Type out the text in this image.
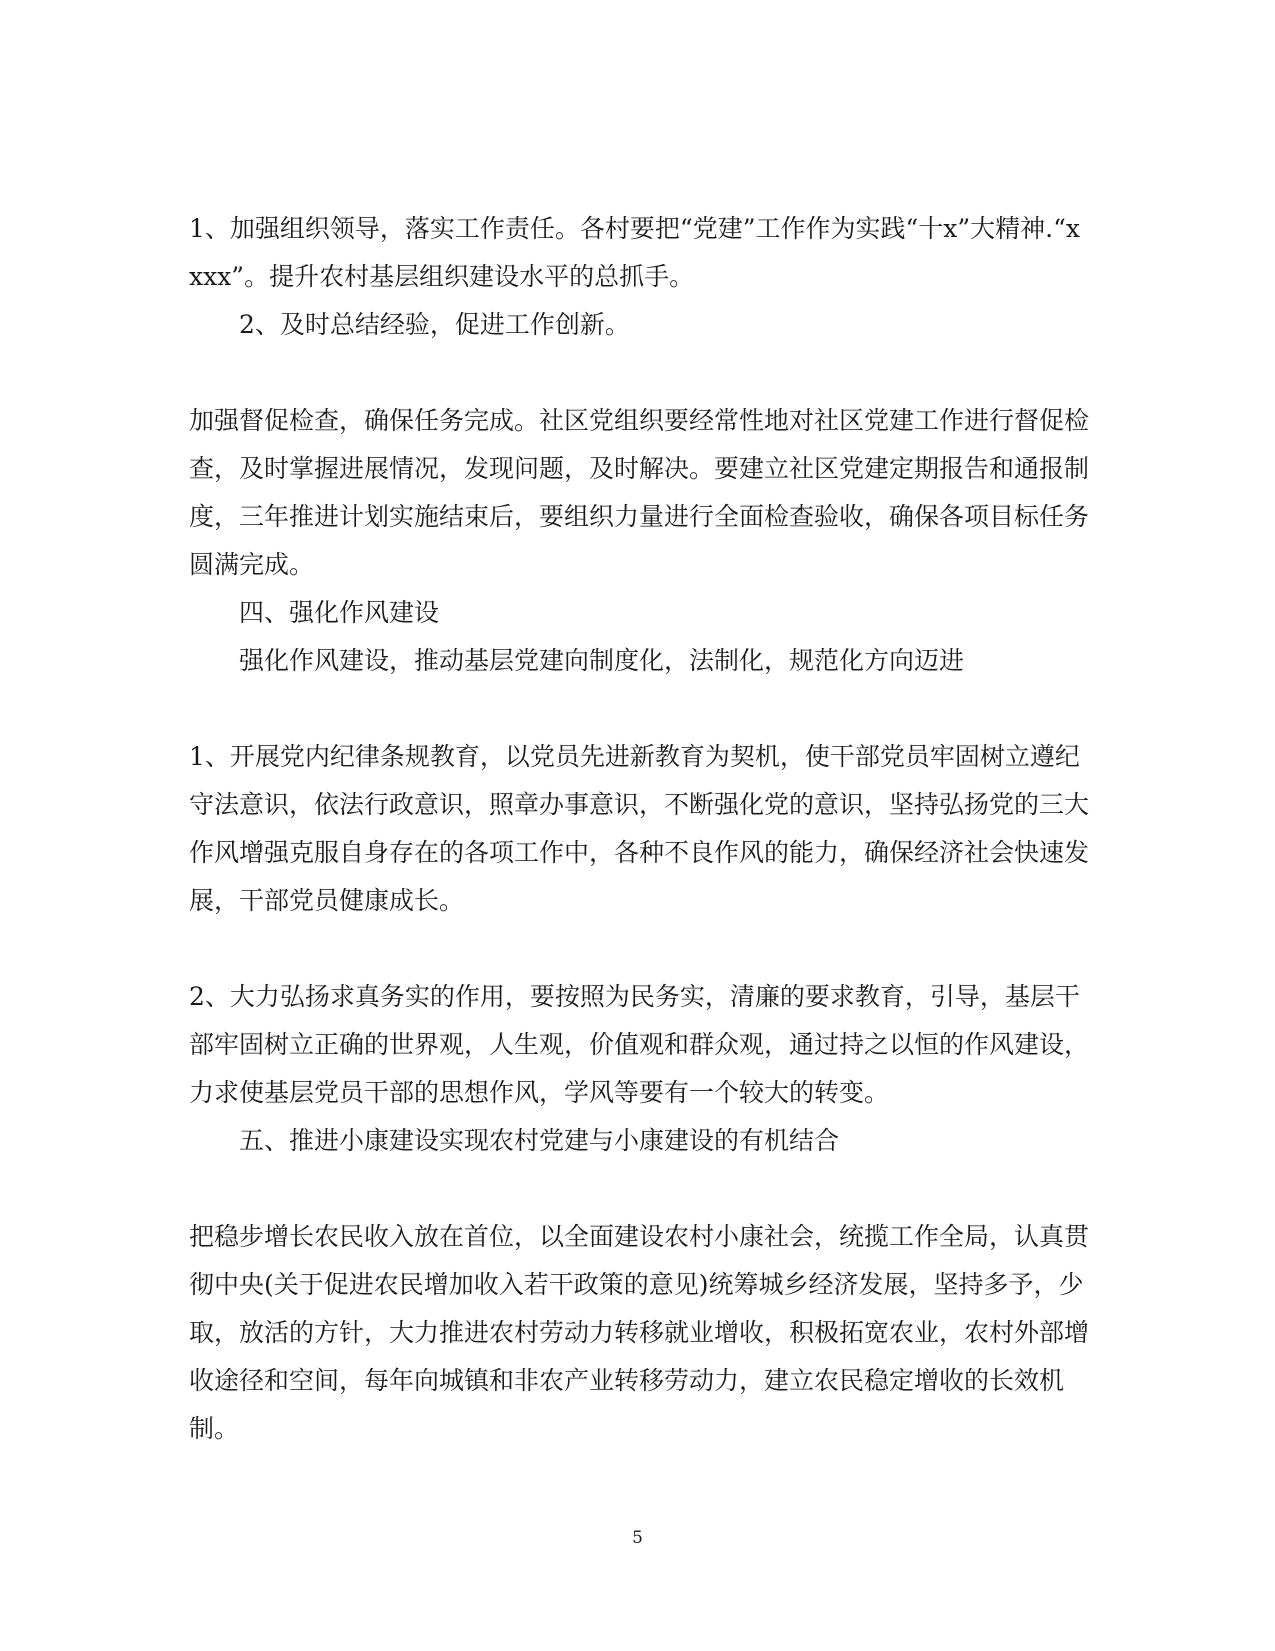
1、加强组织领导，落实工作责任。各村要把“党建”工作作为实践“十x”大精神.“xxxx”。提升农村基层组织建设水平的总抓手。

2、及时总结经验，促进工作创新。

加强督促检查，确保任务完成。社区党组织要经常性地对社区党建工作进行督促检查，及时掌握进展情况，发现问题，及时解决。要建立社区党建定期报告和通报制度，三年推进计划实施结束后，要组织力量进行全面检查验收，确保各项目标任务圆满完成。

四、强化作风建设

强化作风建设，推动基层党建向制度化，法制化，规范化方向迈进

1、开展党内纪律条规教育，以党员先进新教育为契机，使干部党员牢固树立遵纪守法意识，依法行政意识，照章办事意识，不断强化党的意识，坚持弘扬党的三大作风增强克服自身存在的各项工作中，各种不良作风的能力，确保经济社会快速发展，干部党员健康成长。

2、大力弘扬求真务实的作用，要按照为民务实，清廉的要求教育，引导，基层干部牢固树立正确的世界观，人生观，价值观和群众观，通过持之以恒的作风建设，力求使基层党员干部的思想作风，学风等要有一个较大的转变。

五、推进小康建设实现农村党建与小康建设的有机结合

把稳步增长农民收入放在首位，以全面建设农村小康社会，统揽工作全局，认真贯彻中央(关于促进农民增加收入若干政策的意见)统筹城乡经济发展，坚持多予，少取，放活的方针，大力推进农村劳动力转移就业增收，积极拓宽农业，农村外部增收途径和空间，每年向城镇和非农产业转移劳动力，建立农民稳定增收的长效机制。

5
